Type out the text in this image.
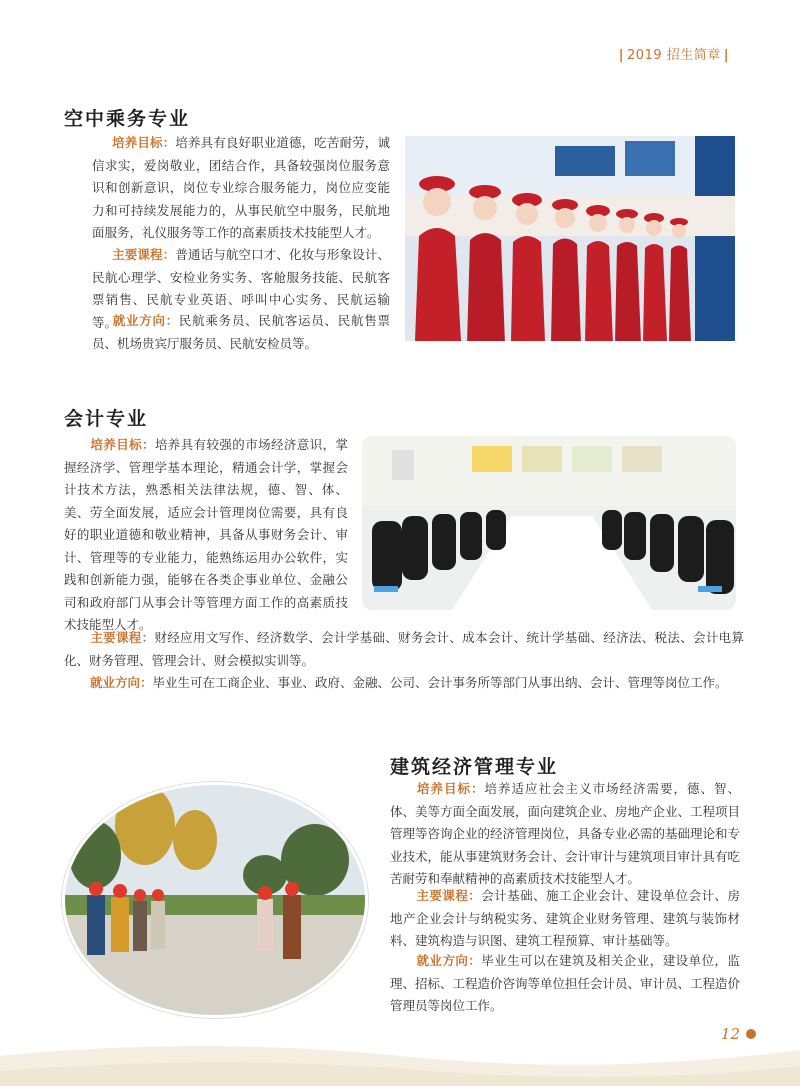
| 2019 招生简章 |
空中乘务专业
培养目标：培养具有良好职业道德，吃苦耐劳，诚信求实，爱岗敬业，团结合作，具备较强岗位服务意识和创新意识，岗位专业综合服务能力，岗位应变能力和可持续发展能力的，从事民航空中服务，民航地面服务，礼仪服务等工作的高素质技术技能型人才。
主要课程：普通话与航空口才、化妆与形象设计、民航心理学、安检业务实务、客舱服务技能、民航客票销售、民航专业英语、呼叫中心实务、民航运输等。
就业方向：民航乘务员、民航客运员、民航售票员、机场贵宾厅服务员、民航安检员等。
会计专业
培养目标：培养具有较强的市场经济意识，掌握经济学、管理学基本理论，精通会计学，掌握会计技术方法，熟悉相关法律法规，德、智、体、美、劳全面发展，适应会计管理岗位需要，具有良好的职业道德和敬业精神，具备从事财务会计、审计、管理等的专业能力，能熟练运用办公软件，实践和创新能力强，能够在各类企事业单位、金融公司和政府部门从事会计等管理方面工作的高素质技术技能型人才。
主要课程：财经应用文写作、经济数学、会计学基础、财务会计、成本会计、统计学基础、经济法、税法、会计电算化、财务管理、管理会计、财会模拟实训等。
就业方向：毕业生可在工商企业、事业、政府、金融、公司、会计事务所等部门从事出纳、会计、管理等岗位工作。
建筑经济管理专业
培养目标：培养适应社会主义市场经济需要，德、智、体、美等方面全面发展，面向建筑企业、房地产企业、工程项目管理等咨询企业的经济管理岗位，具备专业必需的基础理论和专业技术，能从事建筑财务会计、会计审计与建筑项目审计具有吃苦耐劳和奉献精神的高素质技术技能型人才。
主要课程：会计基础、施工企业会计、建设单位会计、房地产企业会计与纳税实务、建筑企业财务管理、建筑与装饰材料、建筑构造与识图、建筑工程预算、审计基础等。
就业方向：毕业生可以在建筑及相关企业，建设单位，监理、招标、工程造价咨询等单位担任会计员、审计员、工程造价管理员等岗位工作。
12
